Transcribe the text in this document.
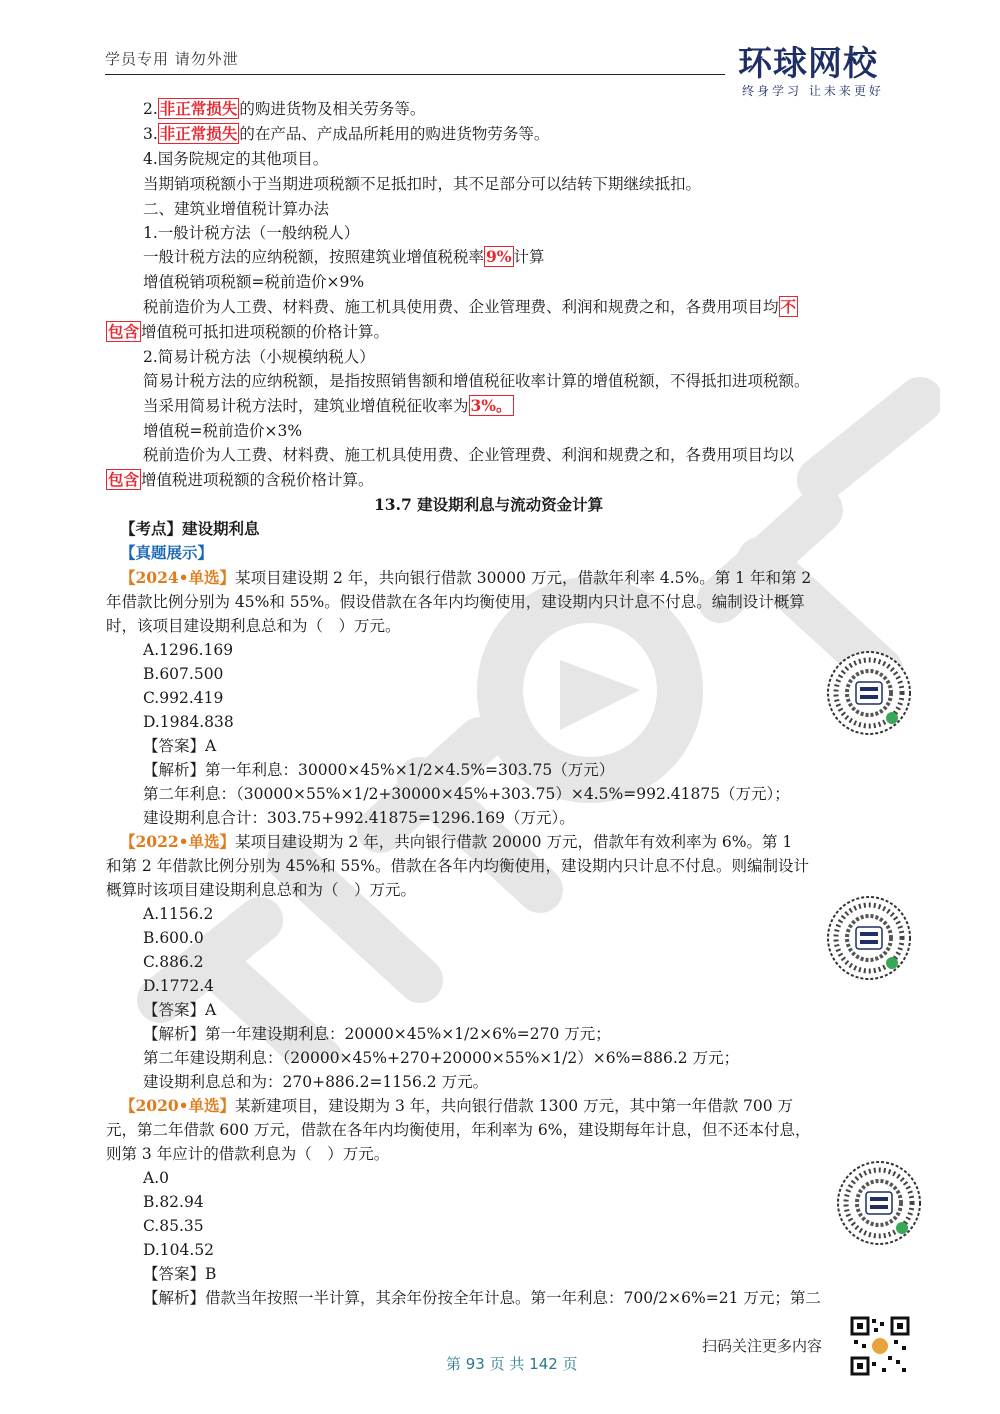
学员专用 请勿外泄	环球网校
终身学习 让未来更好
2. 非正常损失 的购进货物及相关劳务等。
3. 非正常损失 的在产品、产成品所耗用的购进货物劳务等。
4.国务院规定的其他项目。
当期销项税额小于当期进项税额不足抵扣时，其不足部分可以结转下期继续抵扣。
二、建筑业增值税计算办法
1.一般计税方法（一般纳税人）
一般计税方法的应纳税额，按照建筑业增值税税率 9% 计算
增值税销项税额=税前造价×9%
税前造价为人工费、材料费、施工机具使用费、企业管理费、利润和规费之和，各费用项目均 不
包含 增值税可抵扣进项税额的价格计算。
2.简易计税方法（小规模纳税人）
简易计税方法的应纳税额，是指按照销售额和增值税征收率计算的增值税额，不得抵扣进项税额。
当采用简易计税方法时，建筑业增值税征收率为 3%。
增值税=税前造价×3%
税前造价为人工费、材料费、施工机具使用费、企业管理费、利润和规费之和，各费用项目均以
包含 增值税进项税额的含税价格计算。
13.7 建设期利息与流动资金计算
【考点】建设期利息
【真题展示】
【2024•单选】某项目建设期 2 年，共向银行借款 30000 万元，借款年利率 4.5%。第 1 年和第 2
年借款比例分别为 45%和 55%。假设借款在各年内均衡使用，建设期内只计息不付息。编制设计概算
时，该项目建设期利息总和为（　）万元。
A.1296.169
B.607.500
C.992.419
D.1984.838
【答案】A
【解析】第一年利息：30000×45%×1/2×4.5%=303.75（万元）
第二年利息：（30000×55%×1/2+30000×45%+303.75）×4.5%=992.41875（万元）；
建设期利息合计：303.75+992.41875=1296.169（万元）。
【2022•单选】某项目建设期为 2 年，共向银行借款 20000 万元，借款年有效利率为 6%。第 1
和第 2 年借款比例分别为 45%和 55%。借款在各年内均衡使用，建设期内只计息不付息。则编制设计
概算时该项目建设期利息总和为（　）万元。
A.1156.2
B.600.0
C.886.2
D.1772.4
【答案】A
【解析】第一年建设期利息：20000×45%×1/2×6%=270 万元；
第二年建设期利息：（20000×45%+270+20000×55%×1/2）×6%=886.2 万元；
建设期利息总和为：270+886.2=1156.2 万元。
【2020•单选】某新建项目，建设期为 3 年，共向银行借款 1300 万元，其中第一年借款 700 万
元，第二年借款 600 万元，借款在各年内均衡使用，年利率为 6%，建设期每年计息，但不还本付息，
则第 3 年应计的借款利息为（　）万元。
A.0
B.82.94
C.85.35
D.104.52
【答案】B
【解析】借款当年按照一半计算，其余年份按全年计息。第一年利息：700/2×6%=21 万元；第二
扫码关注更多内容
第 93 页 共 142 页
